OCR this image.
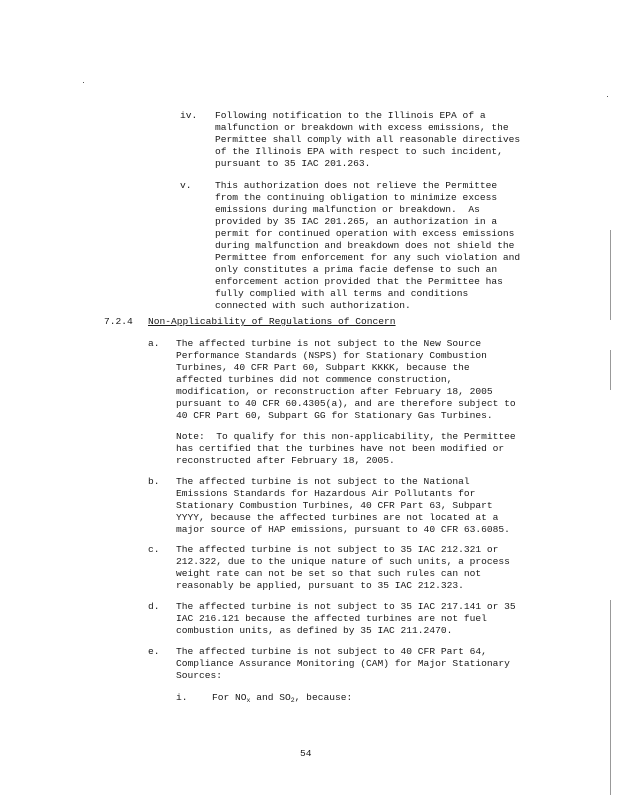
iv. Following notification to the Illinois EPA of a
malfunction or breakdown with excess emissions, the
Permittee shall comply with all reasonable directives
of the Illinois EPA with respect to such incident,
pursuant to 35 IAC 201.263.
v. This authorization does not relieve the Permittee
from the continuing obligation to minimize excess
emissions during malfunction or breakdown.  As
provided by 35 IAC 201.265, an authorization in a
permit for continued operation with excess emissions
during malfunction and breakdown does not shield the
Permittee from enforcement for any such violation and
only constitutes a prima facie defense to such an
enforcement action provided that the Permittee has
fully complied with all terms and conditions
connected with such authorization.
7.2.4 Non-Applicability of Regulations of Concern
a. The affected turbine is not subject to the New Source
Performance Standards (NSPS) for Stationary Combustion
Turbines, 40 CFR Part 60, Subpart KKKK, because the
affected turbines did not commence construction,
modification, or reconstruction after February 18, 2005
pursuant to 40 CFR 60.4305(a), and are therefore subject to
40 CFR Part 60, Subpart GG for Stationary Gas Turbines.
Note:  To qualify for this non-applicability, the Permittee
has certified that the turbines have not been modified or
reconstructed after February 18, 2005.
b. The affected turbine is not subject to the National
Emissions Standards for Hazardous Air Pollutants for
Stationary Combustion Turbines, 40 CFR Part 63, Subpart
YYYY, because the affected turbines are not located at a
major source of HAP emissions, pursuant to 40 CFR 63.6085.
c. The affected turbine is not subject to 35 IAC 212.321 or
212.322, due to the unique nature of such units, a process
weight rate can not be set so that such rules can not
reasonably be applied, pursuant to 35 IAC 212.323.
d. The affected turbine is not subject to 35 IAC 217.141 or 35
IAC 216.121 because the affected turbines are not fuel
combustion units, as defined by 35 IAC 211.2470.
e. The affected turbine is not subject to 40 CFR Part 64,
Compliance Assurance Monitoring (CAM) for Major Stationary
Sources:
i.	For $NO_x$ and $SO_2$, because:
54
